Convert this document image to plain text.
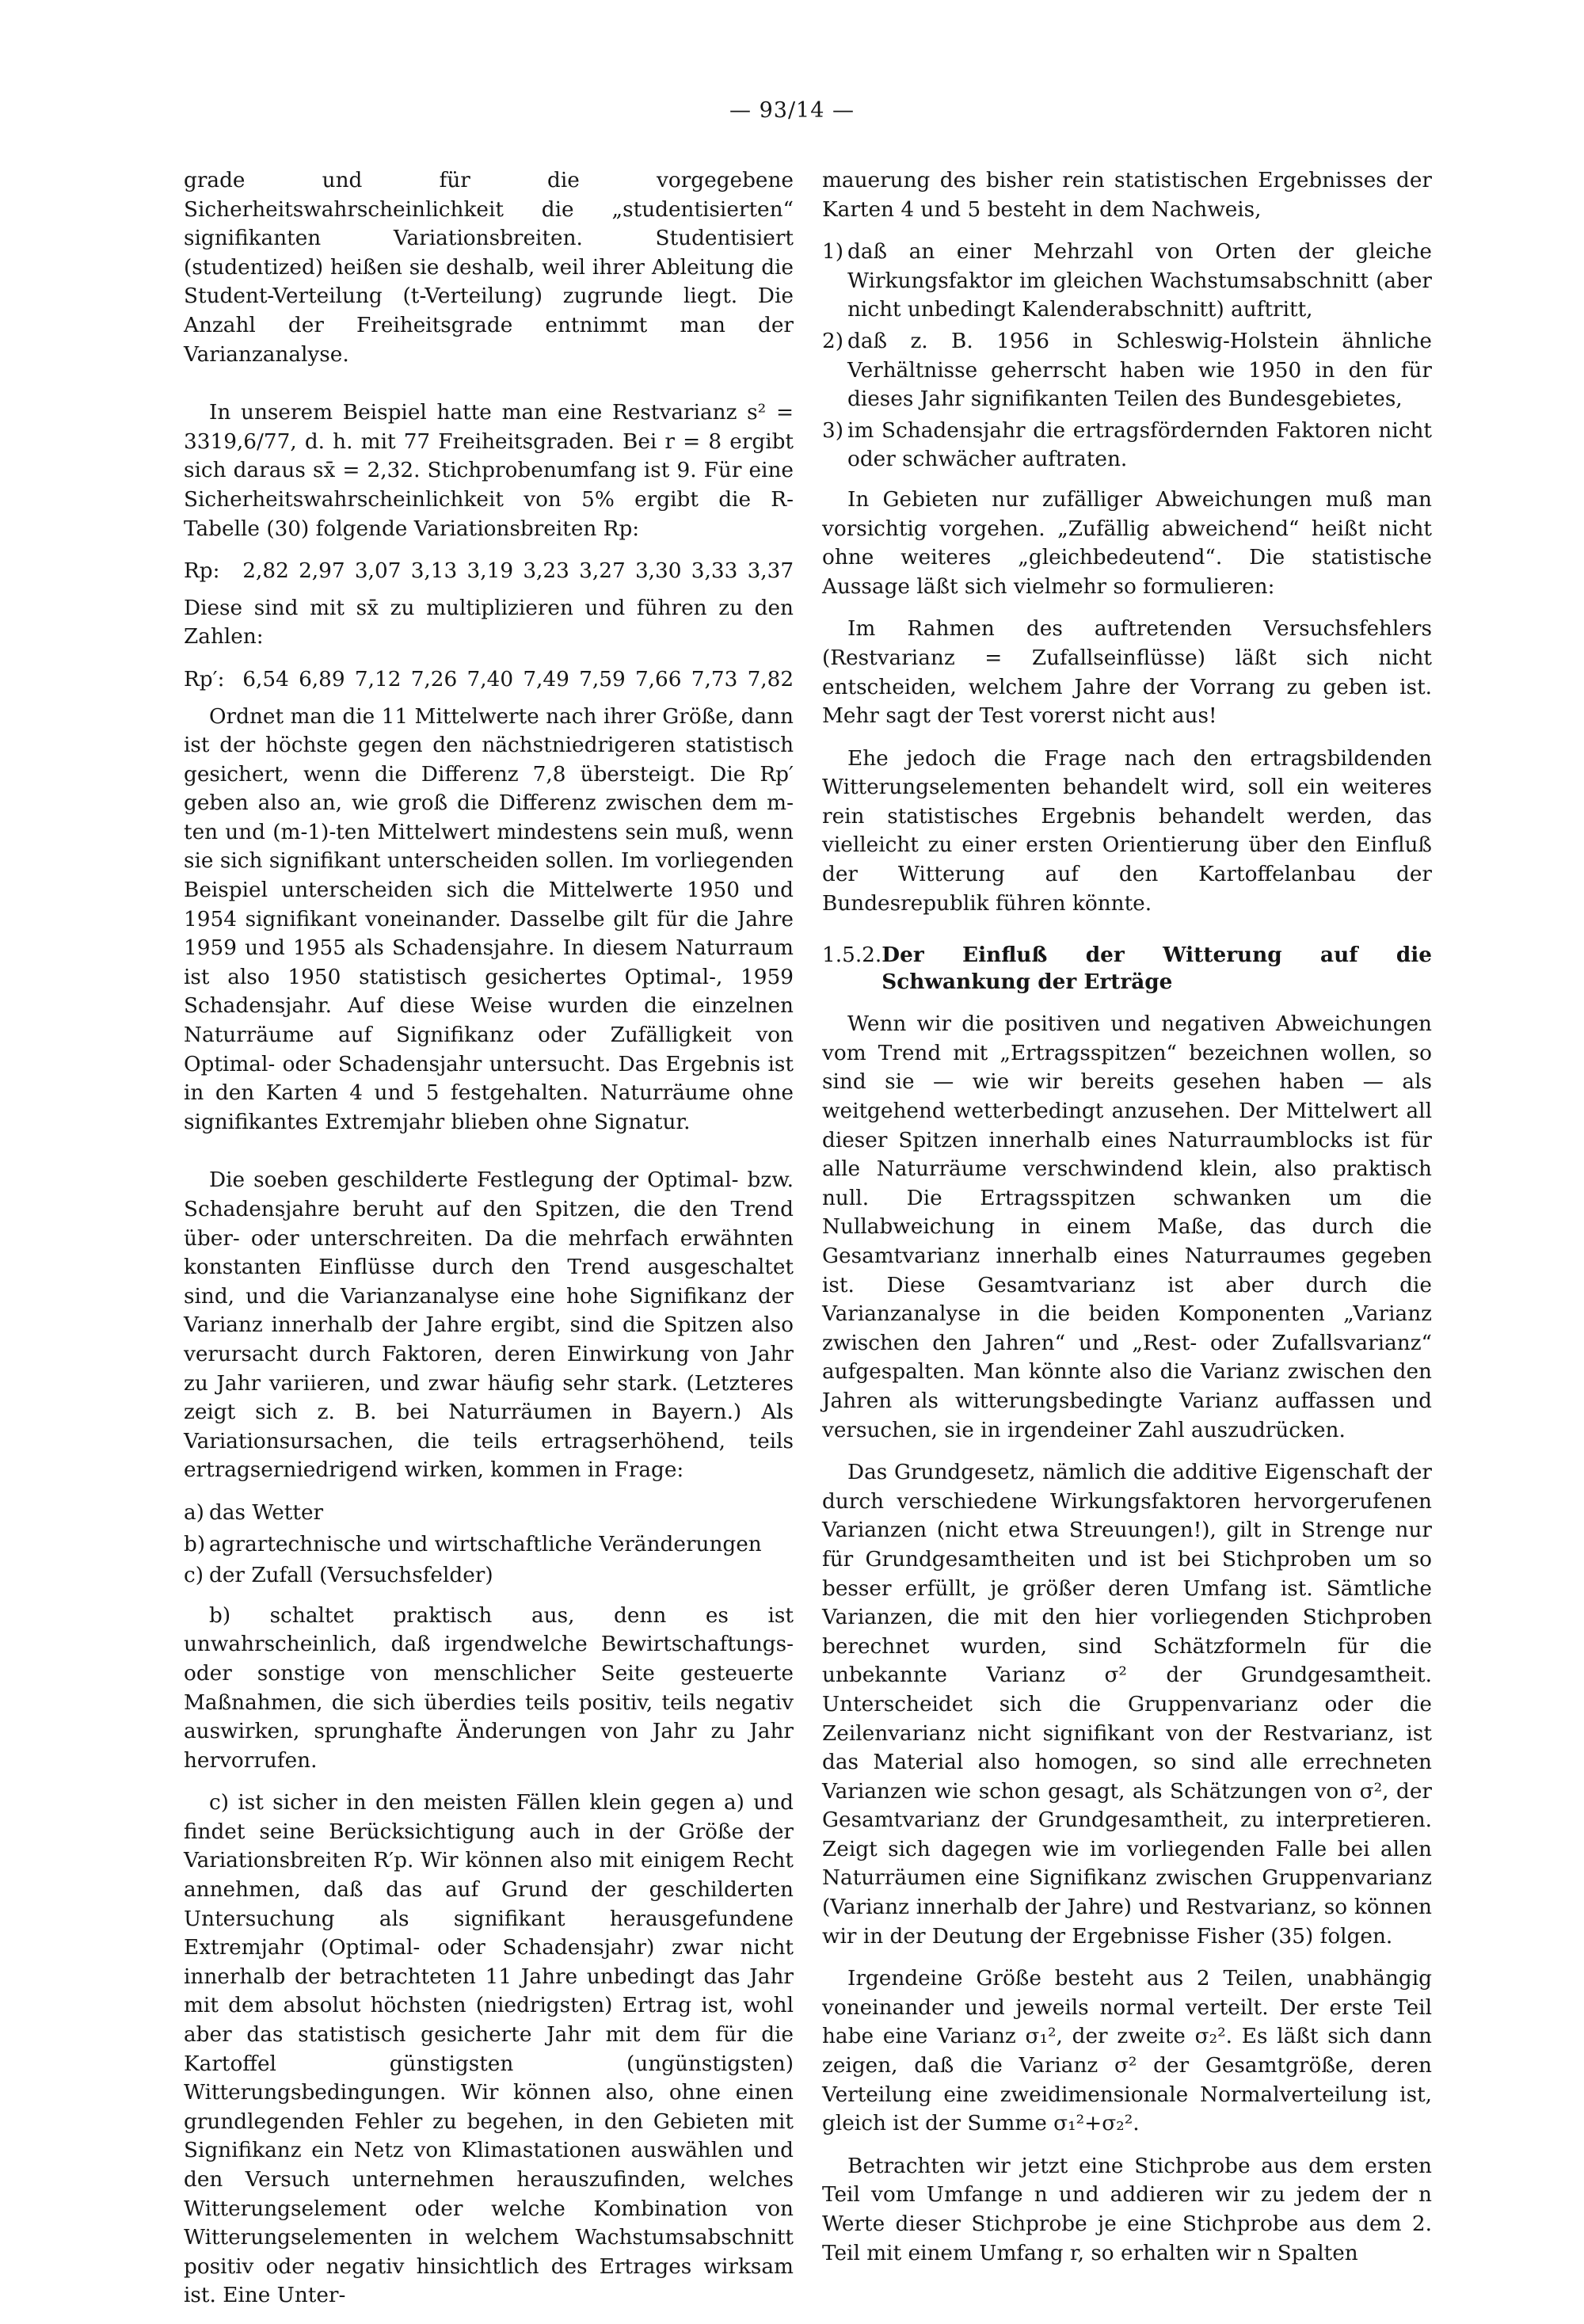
— 93/14 —

grade und für die vorgegebene Sicherheitswahrscheinlichkeit die „studentisierten“ signifikanten Variationsbreiten. Studentisiert (studentized) heißen sie deshalb, weil ihrer Ableitung die Student-Verteilung (t-Verteilung) zugrunde liegt. Die Anzahl der Freiheitsgrade entnimmt man der Varianzanalyse.

In unserem Beispiel hatte man eine Restvarianz s² = 3319,6/77, d. h. mit 77 Freiheitsgraden. Bei r = 8 ergibt sich daraus sx̄ = 2,32. Stichprobenumfang ist 9. Für eine Sicherheitswahrscheinlichkeit von 5% ergibt die R-Tabelle (30) folgende Variationsbreiten Rp:

Rp: 2,82 2,97 3,07 3,13 3,19 3,23 3,27 3,30 3,33 3,37

Diese sind mit sx̄ zu multiplizieren und führen zu den Zahlen:

Rp′: 6,54 6,89 7,12 7,26 7,40 7,49 7,59 7,66 7,73 7,82

Ordnet man die 11 Mittelwerte nach ihrer Größe, dann ist der höchste gegen den nächstniedrigeren statistisch gesichert, wenn die Differenz 7,8 übersteigt. Die Rp′ geben also an, wie groß die Differenz zwischen dem m-ten und (m-1)-ten Mittelwert mindestens sein muß, wenn sie sich signifikant unterscheiden sollen. Im vorliegenden Beispiel unterscheiden sich die Mittelwerte 1950 und 1954 signifikant voneinander. Dasselbe gilt für die Jahre 1959 und 1955 als Schadensjahre. In diesem Naturraum ist also 1950 statistisch gesichertes Optimal-, 1959 Schadensjahr. Auf diese Weise wurden die einzelnen Naturräume auf Signifikanz oder Zufälligkeit von Optimal- oder Schadensjahr untersucht. Das Ergebnis ist in den Karten 4 und 5 festgehalten. Naturräume ohne signifikantes Extremjahr blieben ohne Signatur.

Die soeben geschilderte Festlegung der Optimal- bzw. Schadensjahre beruht auf den Spitzen, die den Trend über- oder unterschreiten. Da die mehrfach erwähnten konstanten Einflüsse durch den Trend ausgeschaltet sind, und die Varianzanalyse eine hohe Signifikanz der Varianz innerhalb der Jahre ergibt, sind die Spitzen also verursacht durch Faktoren, deren Einwirkung von Jahr zu Jahr variieren, und zwar häufig sehr stark. (Letzteres zeigt sich z. B. bei Naturräumen in Bayern.) Als Variationsursachen, die teils ertragserhöhend, teils ertragserniedrigend wirken, kommen in Frage:

a) das Wetter
b) agrartechnische und wirtschaftliche Veränderungen
c) der Zufall (Versuchsfelder)

b) schaltet praktisch aus, denn es ist unwahrscheinlich, daß irgendwelche Bewirtschaftungs- oder sonstige von menschlicher Seite gesteuerte Maßnahmen, die sich überdies teils positiv, teils negativ auswirken, sprunghafte Änderungen von Jahr zu Jahr hervorrufen.

c) ist sicher in den meisten Fällen klein gegen a) und findet seine Berücksichtigung auch in der Größe der Variationsbreiten R′p. Wir können also mit einigem Recht annehmen, daß das auf Grund der geschilderten Untersuchung als signifikant herausgefundene Extremjahr (Optimal- oder Schadensjahr) zwar nicht innerhalb der betrachteten 11 Jahre unbedingt das Jahr mit dem absolut höchsten (niedrigsten) Ertrag ist, wohl aber das statistisch gesicherte Jahr mit dem für die Kartoffel günstigsten (ungünstigsten) Witterungsbedingungen. Wir können also, ohne einen grundlegenden Fehler zu begehen, in den Gebieten mit Signifikanz ein Netz von Klimastationen auswählen und den Versuch unternehmen herauszufinden, welches Witterungselement oder welche Kombination von Witterungselementen in welchem Wachstumsabschnitt positiv oder negativ hinsichtlich des Ertrages wirksam ist. Eine Unter-

mauerung des bisher rein statistischen Ergebnisses der Karten 4 und 5 besteht in dem Nachweis,

1) daß an einer Mehrzahl von Orten der gleiche Wirkungsfaktor im gleichen Wachstumsabschnitt (aber nicht unbedingt Kalenderabschnitt) auftritt,
2) daß z. B. 1956 in Schleswig-Holstein ähnliche Verhältnisse geherrscht haben wie 1950 in den für dieses Jahr signifikanten Teilen des Bundesgebietes,
3) im Schadensjahr die ertragsfördernden Faktoren nicht oder schwächer auftraten.

In Gebieten nur zufälliger Abweichungen muß man vorsichtig vorgehen. „Zufällig abweichend“ heißt nicht ohne weiteres „gleichbedeutend“. Die statistische Aussage läßt sich vielmehr so formulieren:

Im Rahmen des auftretenden Versuchsfehlers (Restvarianz = Zufallseinflüsse) läßt sich nicht entscheiden, welchem Jahre der Vorrang zu geben ist. Mehr sagt der Test vorerst nicht aus!

Ehe jedoch die Frage nach den ertragsbildenden Witterungselementen behandelt wird, soll ein weiteres rein statistisches Ergebnis behandelt werden, das vielleicht zu einer ersten Orientierung über den Einfluß der Witterung auf den Kartoffelanbau der Bundesrepublik führen könnte.

1.5.2. Der Einfluß der Witterung auf die Schwankung der Erträge

Wenn wir die positiven und negativen Abweichungen vom Trend mit „Ertragsspitzen“ bezeichnen wollen, so sind sie — wie wir bereits gesehen haben — als weitgehend wetterbedingt anzusehen. Der Mittelwert all dieser Spitzen innerhalb eines Naturraumblocks ist für alle Naturräume verschwindend klein, also praktisch null. Die Ertragsspitzen schwanken um die Nullabweichung in einem Maße, das durch die Gesamtvarianz innerhalb eines Naturraumes gegeben ist. Diese Gesamtvarianz ist aber durch die Varianzanalyse in die beiden Komponenten „Varianz zwischen den Jahren“ und „Rest- oder Zufallsvarianz“ aufgespalten. Man könnte also die Varianz zwischen den Jahren als witterungsbedingte Varianz auffassen und versuchen, sie in irgendeiner Zahl auszudrücken.

Das Grundgesetz, nämlich die additive Eigenschaft der durch verschiedene Wirkungsfaktoren hervorgerufenen Varianzen (nicht etwa Streuungen!), gilt in Strenge nur für Grundgesamtheiten und ist bei Stichproben um so besser erfüllt, je größer deren Umfang ist. Sämtliche Varianzen, die mit den hier vorliegenden Stichproben berechnet wurden, sind Schätzformeln für die unbekannte Varianz σ² der Grundgesamtheit. Unterscheidet sich die Gruppenvarianz oder die Zeilenvarianz nicht signifikant von der Restvarianz, ist das Material also homogen, so sind alle errechneten Varianzen wie schon gesagt, als Schätzungen von σ², der Gesamtvarianz der Grundgesamtheit, zu interpretieren. Zeigt sich dagegen wie im vorliegenden Falle bei allen Naturräumen eine Signifikanz zwischen Gruppenvarianz (Varianz innerhalb der Jahre) und Restvarianz, so können wir in der Deutung der Ergebnisse Fisher (35) folgen.

Irgendeine Größe besteht aus 2 Teilen, unabhängig voneinander und jeweils normal verteilt. Der erste Teil habe eine Varianz σ₁², der zweite σ₂². Es läßt sich dann zeigen, daß die Varianz σ² der Gesamtgröße, deren Verteilung eine zweidimensionale Normalverteilung ist, gleich ist der Summe σ₁²+σ₂².

Betrachten wir jetzt eine Stichprobe aus dem ersten Teil vom Umfange n und addieren wir zu jedem der n Werte dieser Stichprobe je eine Stichprobe aus dem 2. Teil mit einem Umfang r, so erhalten wir n Spalten
